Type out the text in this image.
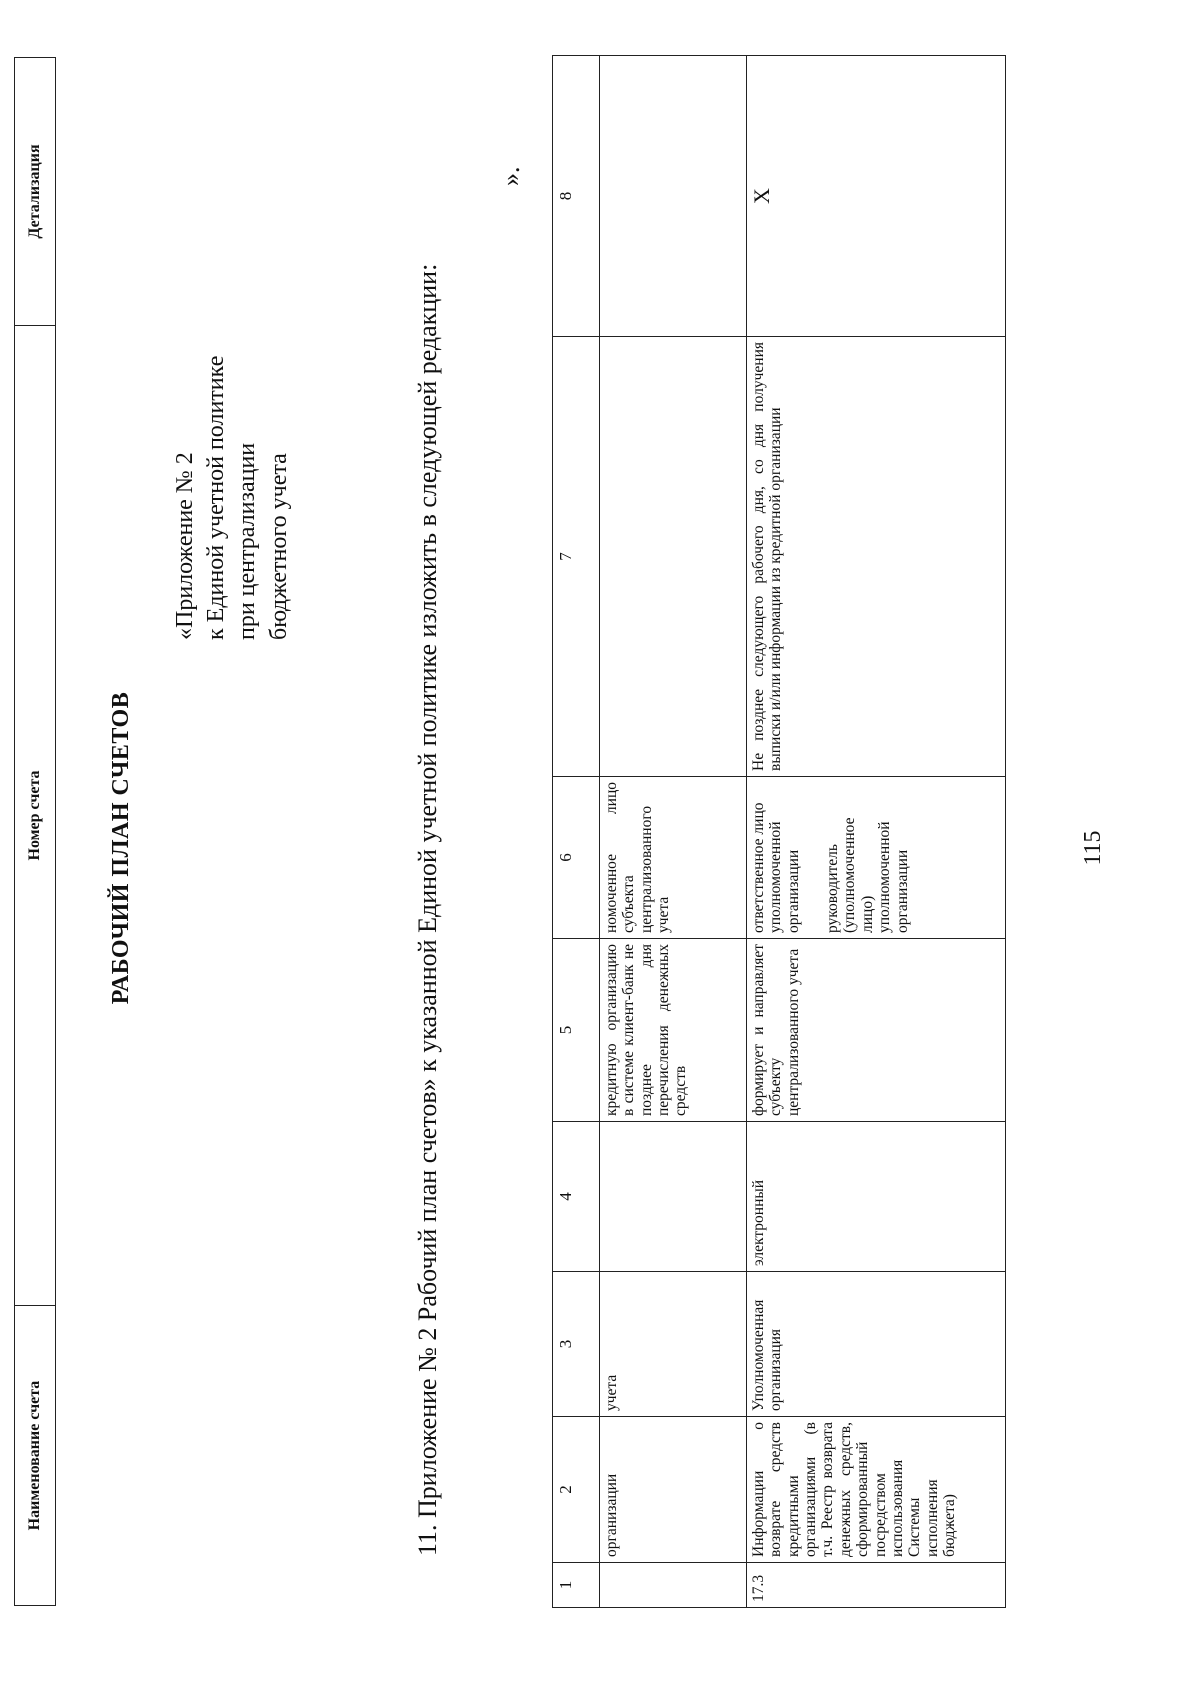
115
1	2	3	4	5	6	7	8
	организации	учета		кредитную организацию в системе клиент-банк не позднее дня перечисления денежных средств	номоченное лицо субъекта централизованного учета		
17.3	Информации о возврате средств кредитными организациями (в т.ч. Реестр возврата денежных средств, сформированный посредством использования Системы исполнения бюджета)	Уполномоченная организация	электронный	формирует и направляет субъекту централизованного учета	ответственное лицо уполномоченной организации руководитель (уполномоченное лицо) уполномоченной организации	Не позднее следующего рабочего дня, со дня получения выписки и/или информации из кредитной организации	Х
».
11. Приложение № 2 Рабочий план счетов» к указанной Единой учетной политике изложить в следующей редакции:
«Приложение № 2 к Единой учетной политике при централизации бюджетного учета
РАБОЧИЙ ПЛАН СЧЕТОВ
Наименование счета	Номер счета	Детализация
